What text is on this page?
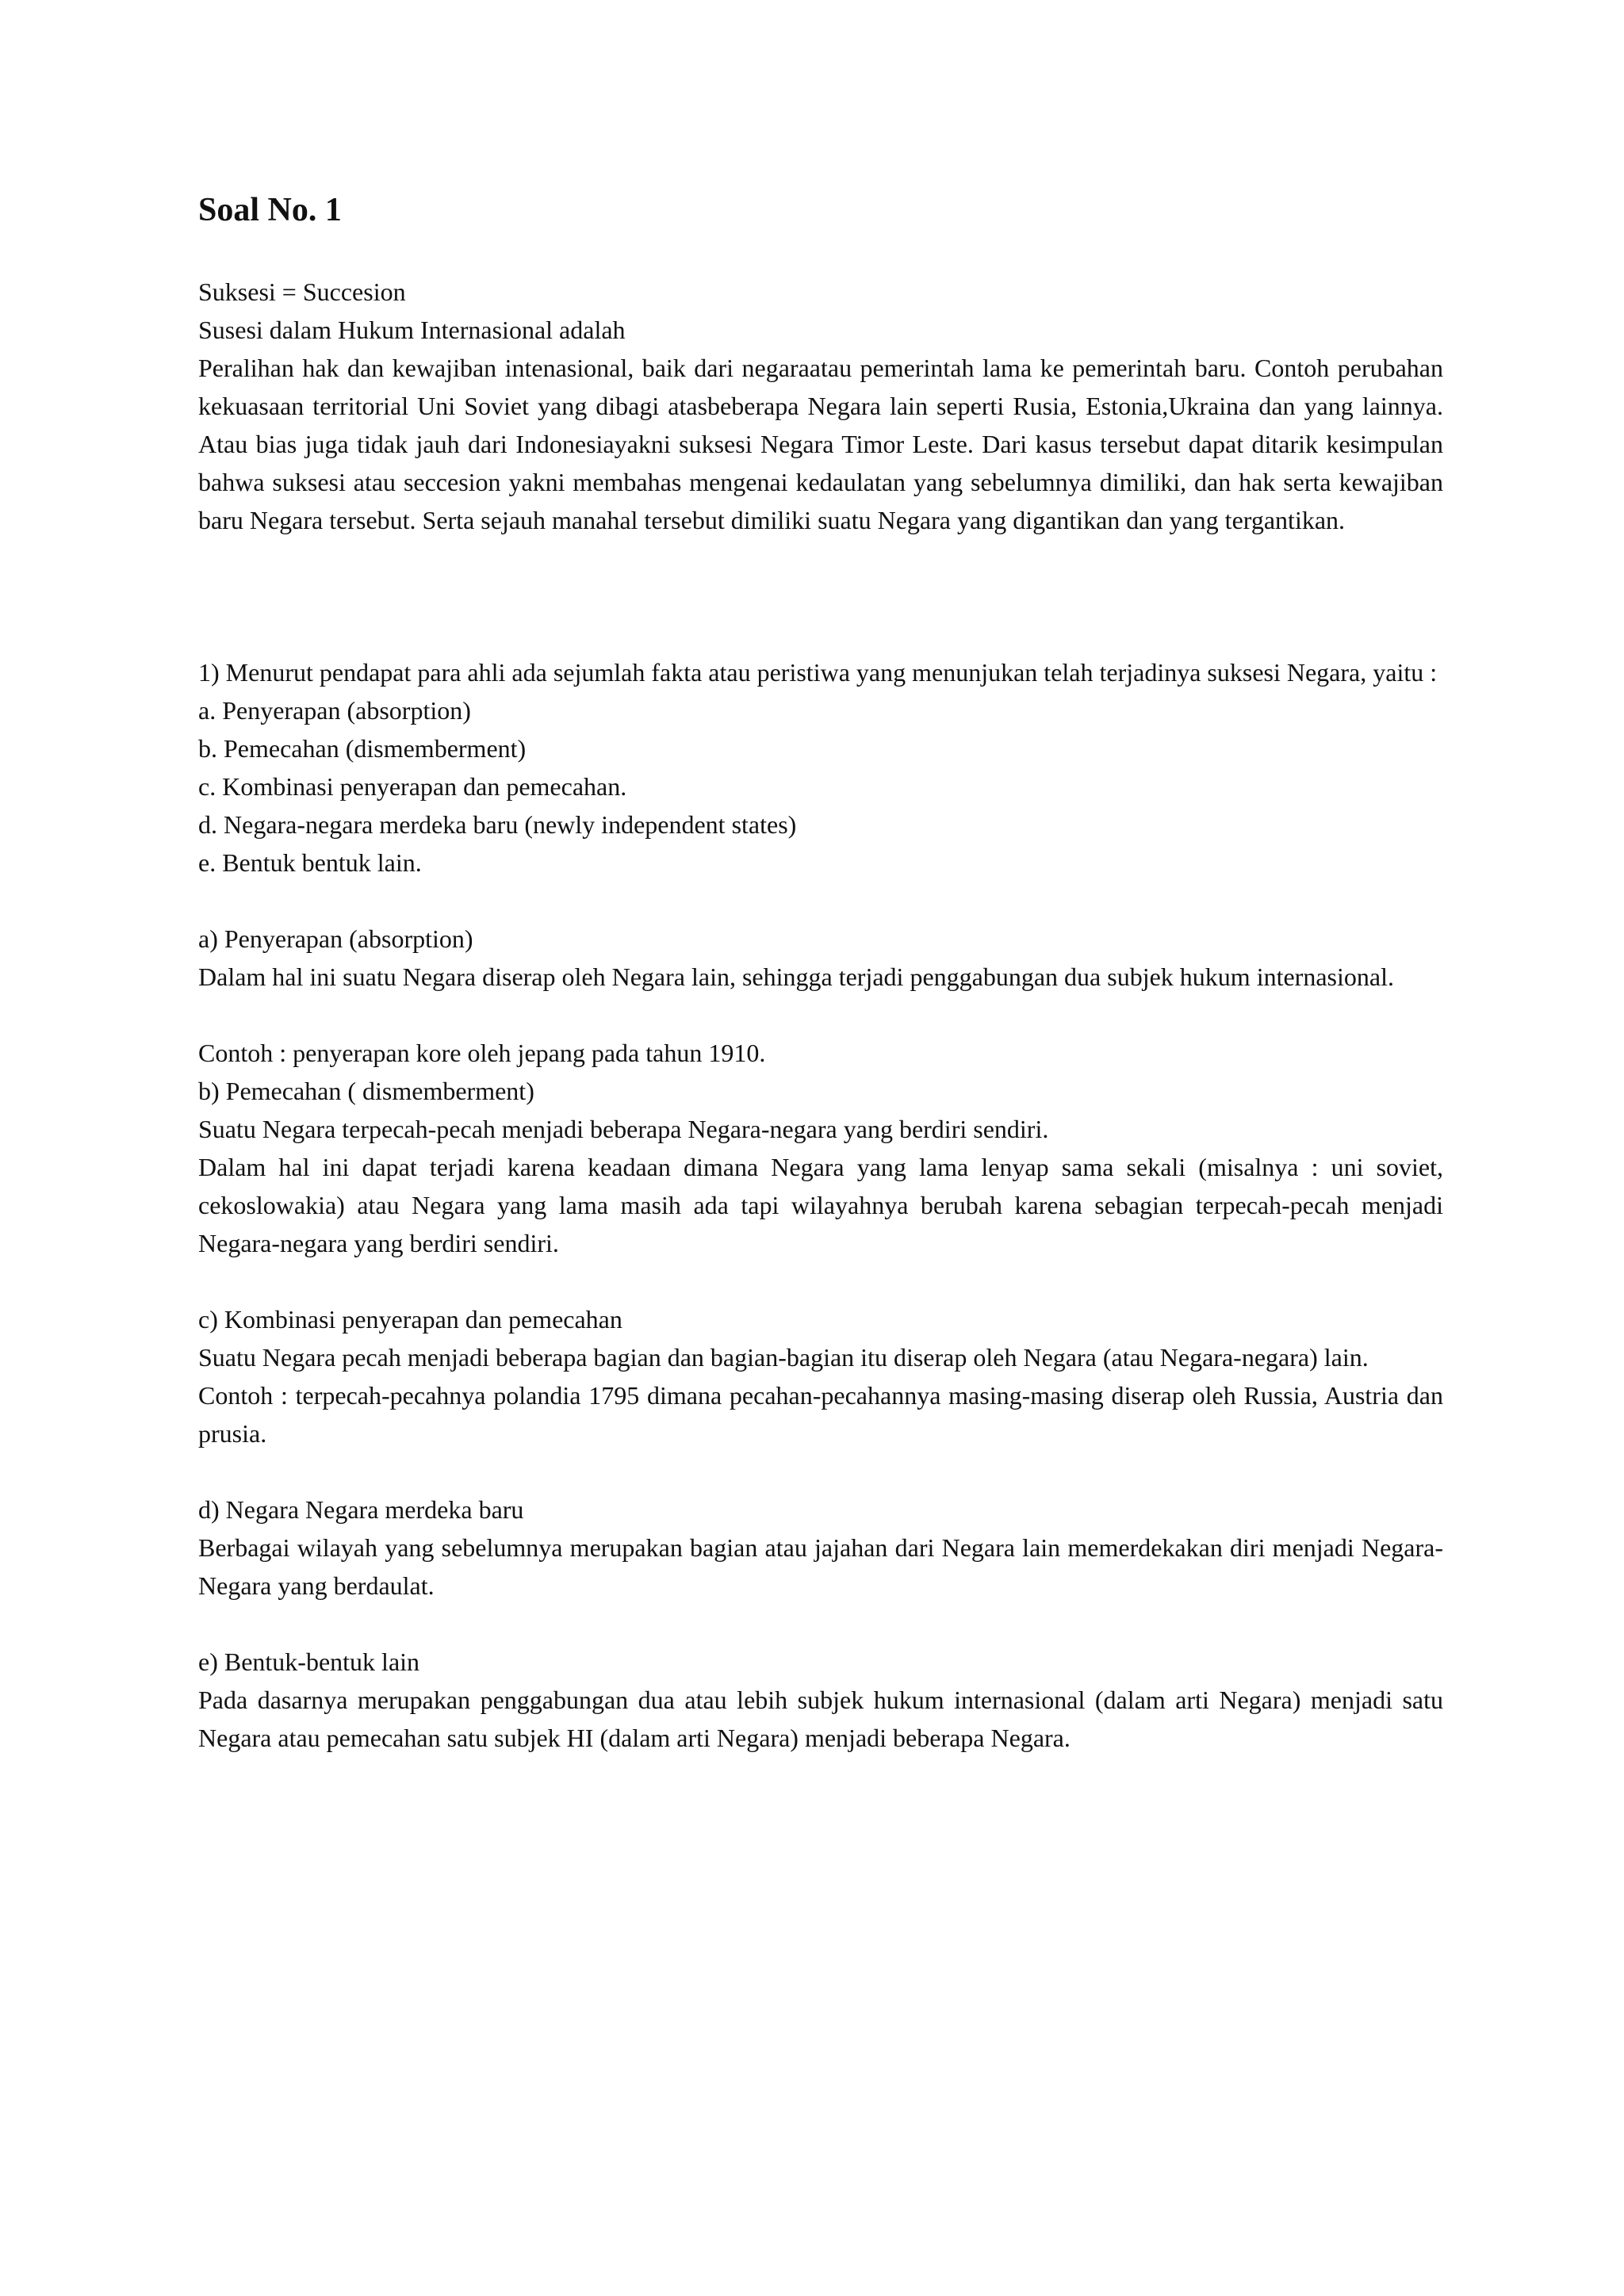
Soal No. 1

Suksesi = Succesion

Susesi dalam Hukum Internasional adalah

Peralihan hak dan kewajiban intenasional, baik dari negaraatau pemerintah lama ke pemerintah baru. Contoh perubahan kekuasaan territorial Uni Soviet yang dibagi atasbeberapa Negara lain seperti Rusia, Estonia,Ukraina dan yang lainnya. Atau bias juga tidak jauh dari Indonesiayakni suksesi Negara Timor Leste. Dari kasus tersebut dapat ditarik kesimpulan bahwa suksesi atau seccesion yakni membahas mengenai kedaulatan yang sebelumnya dimiliki, dan hak serta kewajiban baru Negara tersebut. Serta sejauh manahal tersebut dimiliki suatu Negara yang digantikan dan yang tergantikan.

1) Menurut pendapat para ahli ada sejumlah fakta atau peristiwa yang menunjukan telah terjadinya suksesi Negara, yaitu :

a. Penyerapan (absorption)

b. Pemecahan (dismemberment)

c. Kombinasi penyerapan dan pemecahan.

d. Negara-negara merdeka baru (newly independent states)

e. Bentuk bentuk lain.

a) Penyerapan (absorption)

Dalam hal ini suatu Negara diserap oleh Negara lain, sehingga terjadi penggabungan dua subjek hukum internasional.

Contoh : penyerapan kore oleh jepang pada tahun 1910.

b) Pemecahan ( dismemberment)

Suatu Negara terpecah-pecah menjadi beberapa Negara-negara yang berdiri sendiri.

Dalam hal ini dapat terjadi karena keadaan dimana Negara yang lama lenyap sama sekali (misalnya : uni soviet, cekoslowakia) atau Negara yang lama masih ada tapi wilayahnya berubah karena sebagian terpecah-pecah menjadi Negara-negara yang berdiri sendiri.

c) Kombinasi penyerapan dan pemecahan

Suatu Negara pecah menjadi beberapa bagian dan bagian-bagian itu diserap oleh Negara (atau Negara-negara) lain.

Contoh : terpecah-pecahnya polandia 1795 dimana pecahan-pecahannya masing-masing diserap oleh Russia, Austria dan prusia.

d) Negara Negara merdeka baru

Berbagai wilayah yang sebelumnya merupakan bagian atau jajahan dari Negara lain memerdekakan diri menjadi Negara- Negara yang berdaulat.

e) Bentuk-bentuk lain

Pada dasarnya merupakan penggabungan dua atau lebih subjek hukum internasional (dalam arti Negara) menjadi satu Negara atau pemecahan satu subjek HI (dalam arti Negara) menjadi beberapa Negara.
